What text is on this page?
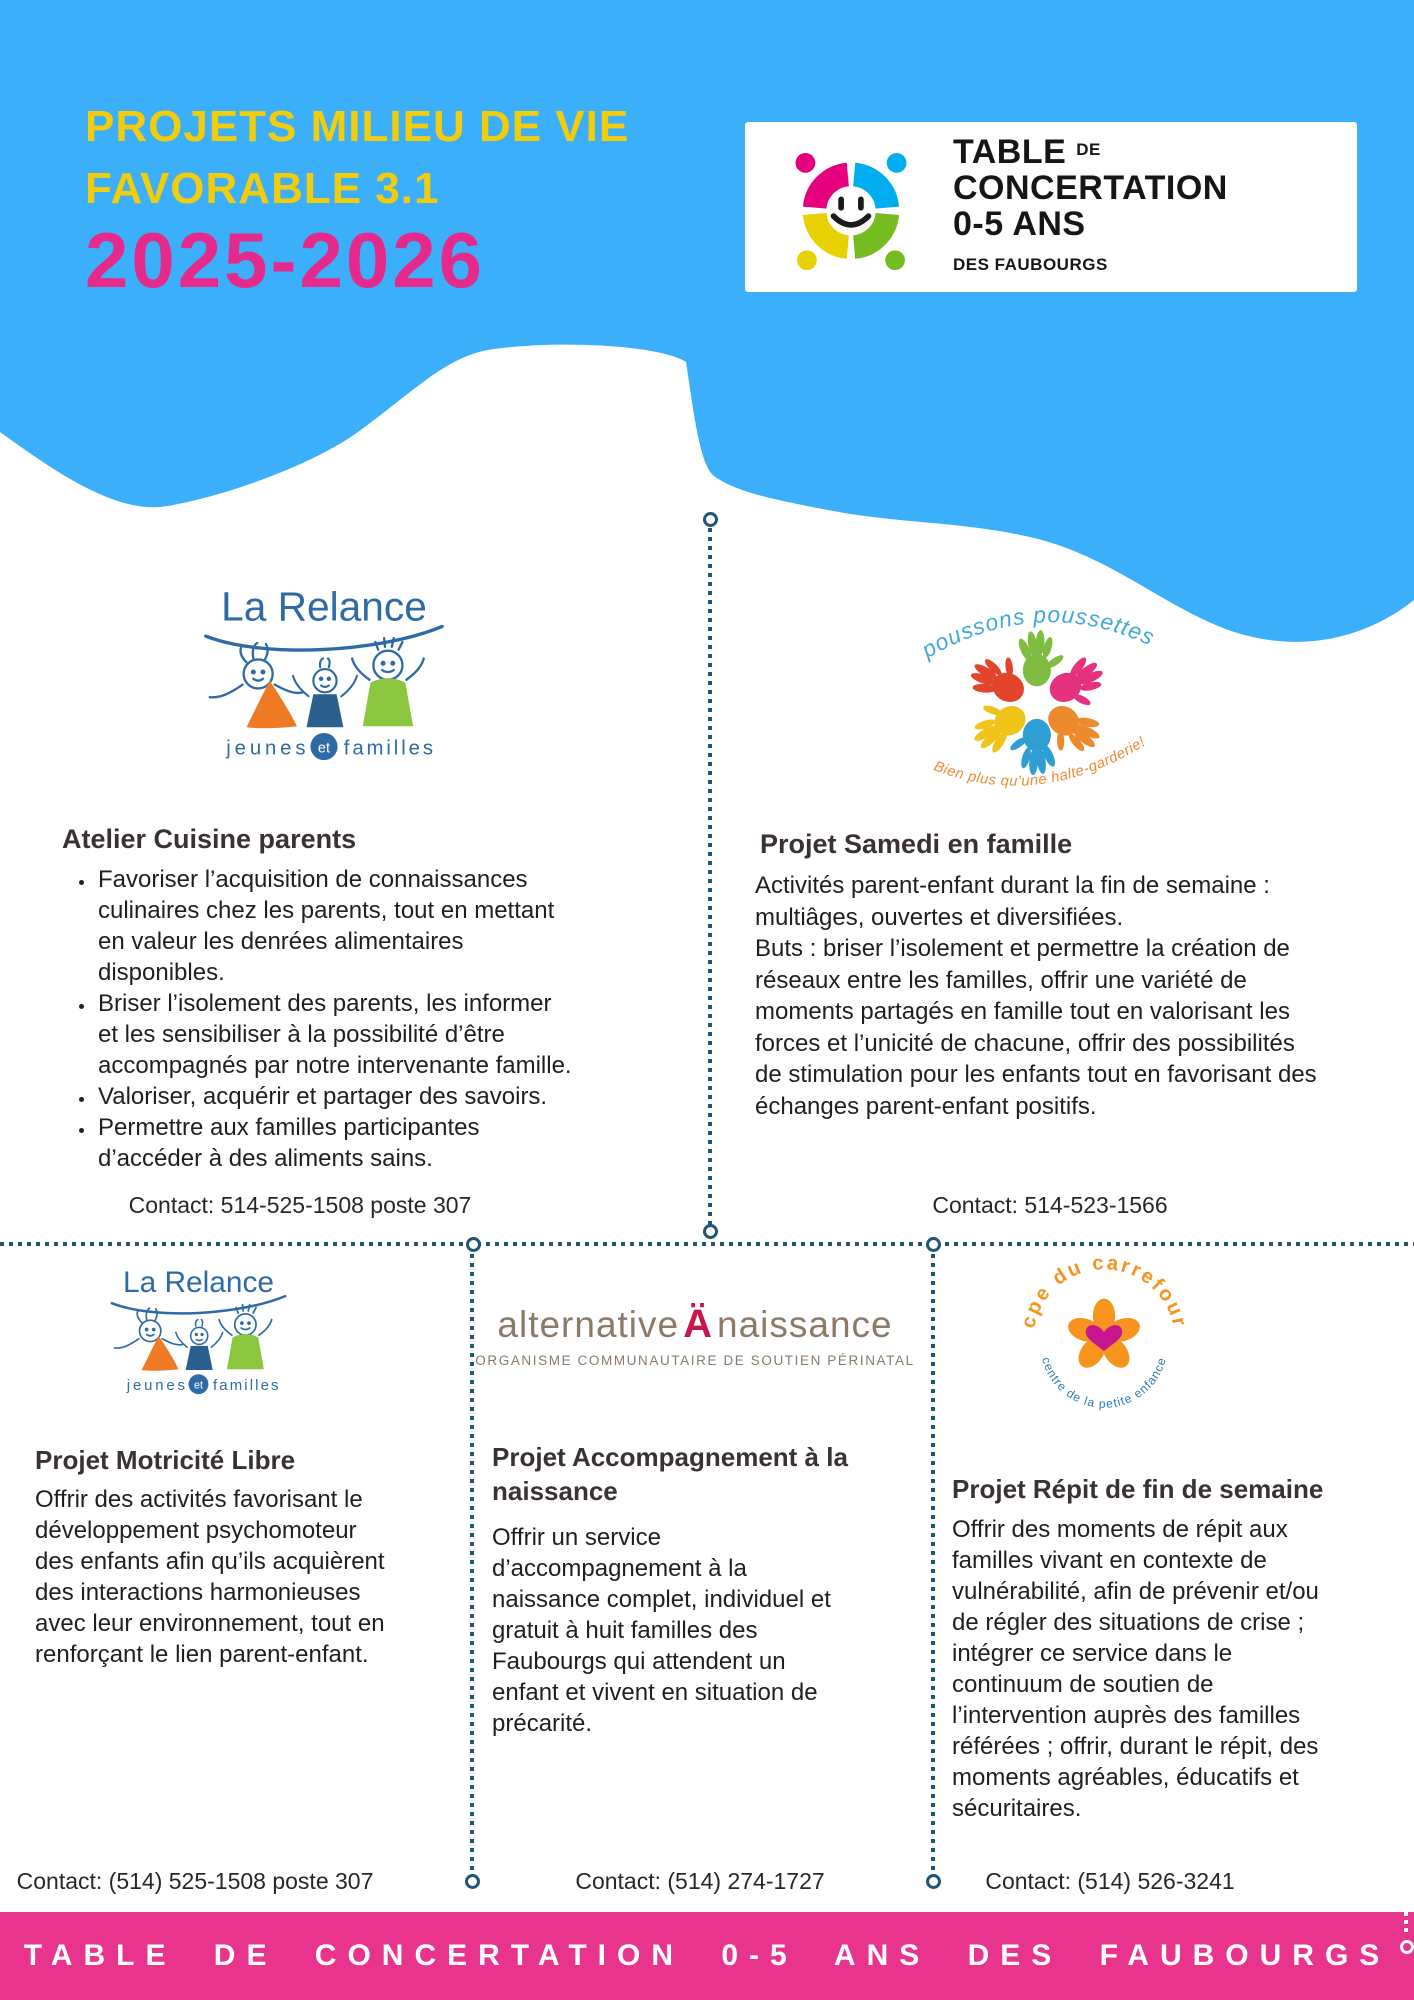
PROJETS MILIEU DE VIE
FAVORABLE 3.1
2025-2026
TABLE $^{DE}$
CONCERTATION
0-5 ANS
DES FAUBOURGS
Atelier Cuisine parents
• Favoriser l’acquisition de connaissances culinaires chez les parents, tout en mettant en valeur les denrées alimentaires disponibles.
• Briser l’isolement des parents, les informer et les sensibiliser à la possibilité d’être accompagnés par notre intervenante famille.
• Valoriser, acquérir et partager des savoirs.
• Permettre aux familles participantes d’accéder à des aliments sains.
Contact: 514-525-1508 poste 307
poussons poussettes
Bien plus qu’une halte-garderie!
Projet Samedi en famille
Activités parent-enfant durant la fin de semaine : multiâges, ouvertes et diversifiées.
Buts : briser l’isolement et permettre la création de réseaux entre les familles, offrir une variété de moments partagés en famille tout en valorisant les forces et l’unicité de chacune, offrir des possibilités de stimulation pour les enfants tout en favorisant des échanges parent-enfant positifs.
Contact: 514-523-1566
Projet Motricité Libre
Offrir des activités favorisant le développement psychomoteur des enfants afin qu’ils acquièrent des interactions harmonieuses avec leur environnement, tout en renforçant le lien parent-enfant.
Contact: (514) 525-1508 poste 307
alternative Ä naissance
ORGANISME COMMUNAUTAIRE DE SOUTIEN PÉRINATAL
Projet Accompagnement à la naissance
Offrir un service d’accompagnement à la naissance complet, individuel et gratuit à huit familles des Faubourgs qui attendent un enfant et vivent en situation de précarité.
Contact: (514) 274-1727
cpe du carrefour
centre de la petite enfance
Projet Répit de fin de semaine
Offrir des moments de répit aux familles vivant en contexte de vulnérabilité, afin de prévenir et/ou de régler des situations de crise ; intégrer ce service dans le continuum de soutien de l’intervention auprès des familles référées ; offrir, durant le répit, des moments agréables, éducatifs et sécuritaires.
Contact: (514) 526-3241
TABLE DE CONCERTATION 0-5 ANS DES FAUBOURGS
